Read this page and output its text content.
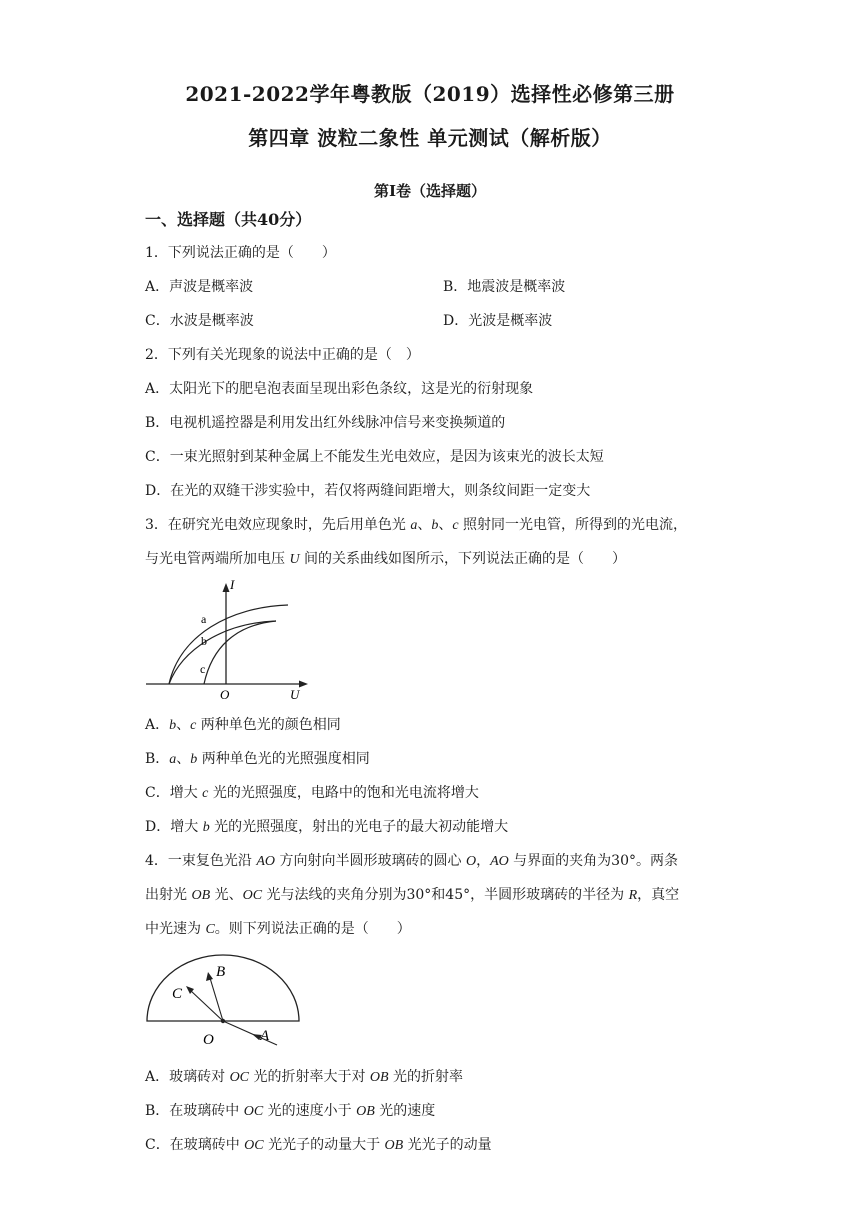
2021-2022学年粤教版（2019）选择性必修第三册
第四章 波粒二象性 单元测试（解析版）
第Ⅰ卷（选择题）
一、选择题（共40分）
1．下列说法正确的是（　　）
A．声波是概率波	B．地震波是概率波
C．水波是概率波	D．光波是概率波
2．下列有关光现象的说法中正确的是（　）
A．太阳光下的肥皂泡表面呈现出彩色条纹，这是光的衍射现象
B．电视机遥控器是利用发出红外线脉冲信号来变换频道的
C．一束光照射到某种金属上不能发生光电效应，是因为该束光的波长太短
D．在光的双缝干涉实验中，若仅将两缝间距增大，则条纹间距一定变大
3．在研究光电效应现象时，先后用单色光 a、b、c 照射同一光电管，所得到的光电流，
与光电管两端所加电压 U 间的关系曲线如图所示，下列说法正确的是（　　）
I
U
O
a
b
c
A．b、c 两种单色光的颜色相同
B．a、b 两种单色光的光照强度相同
C．增大 c 光的光照强度，电路中的饱和光电流将增大
D．增大 b 光的光照强度，射出的光电子的最大初动能增大
4．一束复色光沿 AO 方向射向半圆形玻璃砖的圆心 O，AO 与界面的夹角为30°。两条
出射光 OB 光、OC 光与法线的夹角分别为30°和45°，半圆形玻璃砖的半径为 R，真空
中光速为 C。则下列说法正确的是（　　）
B
C
O	A
A．玻璃砖对 OC 光的折射率大于对 OB 光的折射率
B．在玻璃砖中 OC 光的速度小于 OB 光的速度
C．在玻璃砖中 OC 光光子的动量大于 OB 光光子的动量
